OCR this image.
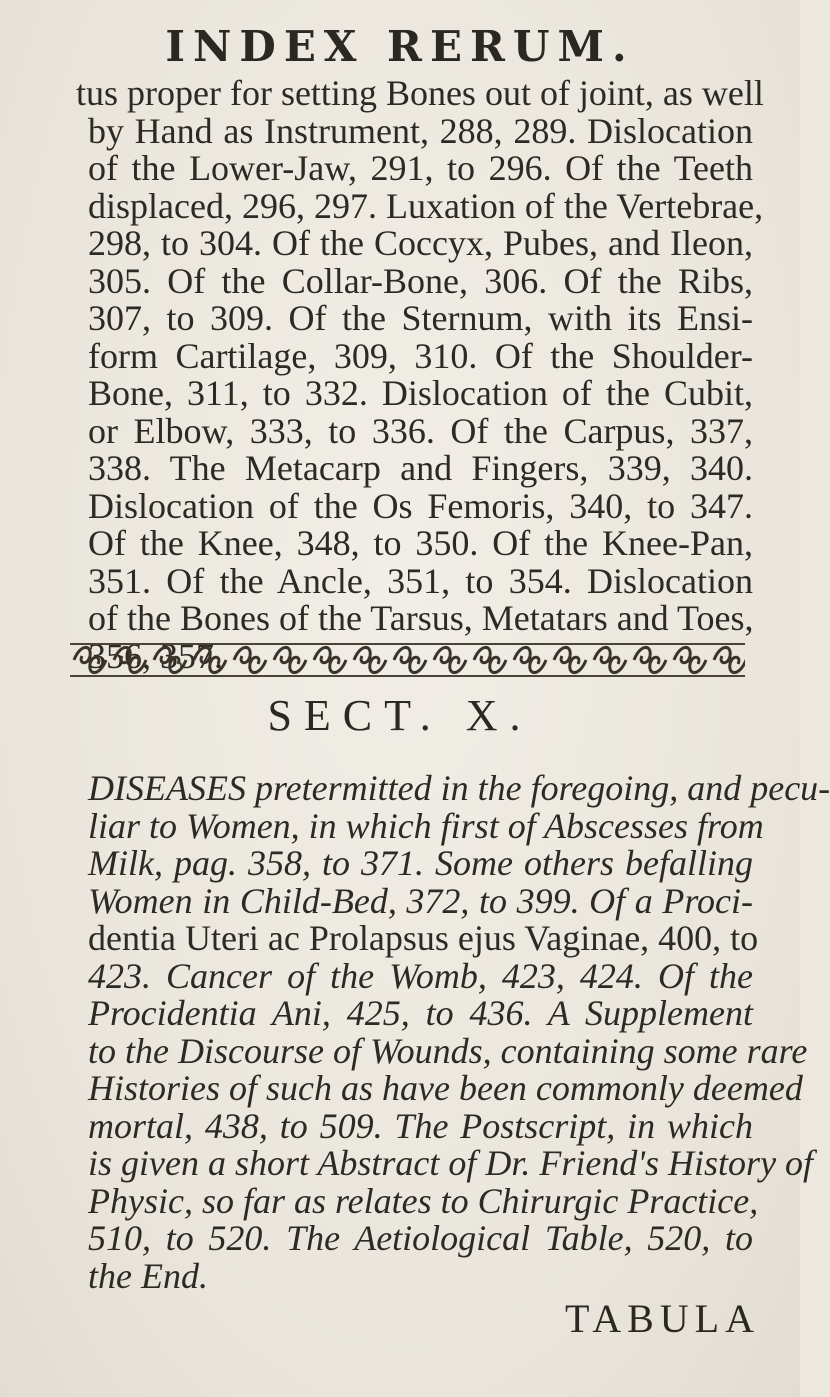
INDEX RERUM.
tus proper for setting Bones out of joint, as well
by Hand as Instrument, 288, 289. Dislocation
of the Lower-Jaw, 291, to 296. Of the Teeth
displaced, 296, 297. Luxation of the Vertebrae,
298, to 304. Of the Coccyx, Pubes, and Ileon,
305. Of the Collar-Bone, 306. Of the Ribs,
307, to 309. Of the Sternum, with its Ensi-
form Cartilage, 309, 310. Of the Shoulder-
Bone, 311, to 332. Dislocation of the Cubit,
or Elbow, 333, to 336. Of the Carpus, 337,
338. The Metacarp and Fingers, 339, 340.
Dislocation of the Os Femoris, 340, to 347.
Of the Knee, 348, to 350. Of the Knee-Pan,
351. Of the Ancle, 351, to 354. Dislocation
of the Bones of the Tarsus, Metatars and Toes,
SECT. X.
DISEASES pretermitted in the foregoing, and pecu-
liar to Women, in which first of Abscesses from
Milk, pag. 358, to 371. Some others befalling
Women in Child-Bed, 372, to 399. Of a Proci-
dentia Uteri ac Prolapsus ejus Vaginae, 400, to
423. Cancer of the Womb, 423, 424. Of the
Procidentia Ani, 425, to 436. A Supplement
to the Discourse of Wounds, containing some rare
Histories of such as have been commonly deemed
mortal, 438, to 509. The Postscript, in which
is given a short Abstract of Dr. Friend's History of
Physic, so far as relates to Chirurgic Practice,
510, to 520. The Aetiological Table, 520, to
the End.
TABULA
